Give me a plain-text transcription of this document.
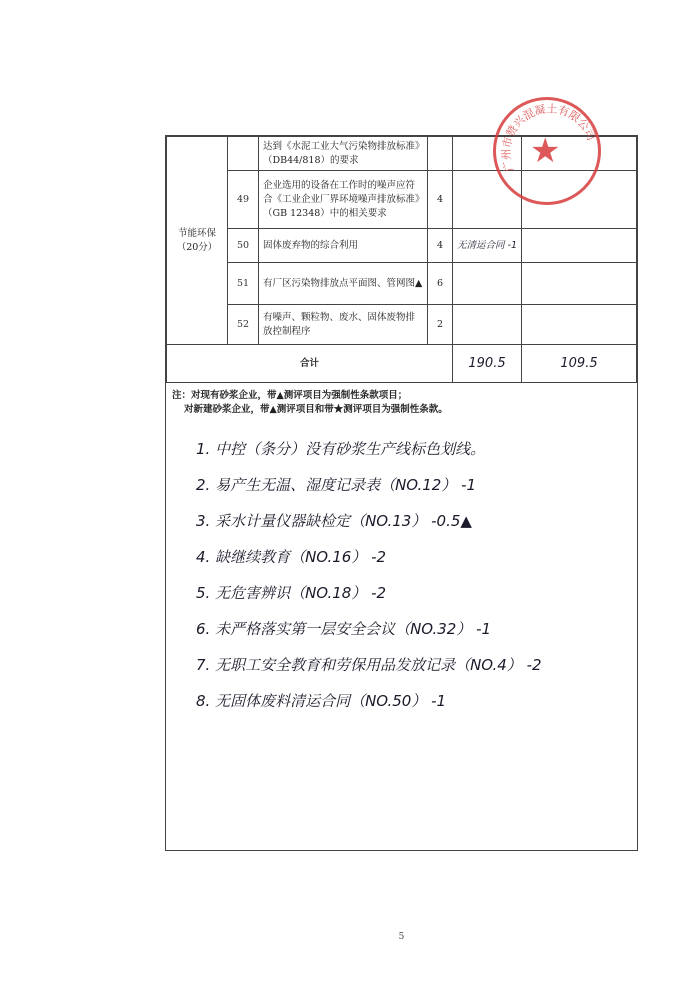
节能环保（20分）		达到《水泥工业大气污染物排放标准》（DB44/818）的要求			
	49	企业选用的设备在工作时的噪声应符合《工业企业厂界环境噪声排放标准》（GB 12348）中的相关要求	4		
	50	固体废弃物的综合利用	4	无清运合同 -1	
	51	有厂区污染物排放点平面图、管网图▲	6		
	52	有噪声、颗粒物、废水、固体废物排放控制程序	2		
合计				190.5	109.5
注：对现有砂浆企业，带▲测评项目为强制性条款项目；
对新建砂浆企业，带▲测评项目和带★测评项目为强制性条款。
1. 中控（条分）没有砂浆生产线标色划线。
2. 易产生无温、湿度记录表（NO.12） -1
3. 采水计量仪器缺检定（NO.13） -0.5▲
4. 缺继续教育（NO.16） -2
5. 无危害辨识（NO.18） -2
6. 未严格落实第一层安全会议（NO.32） -1
7. 无职工安全教育和劳保用品发放记录（NO.4） -2
8. 无固体废料清运合同（NO.50） -1
5
广州市赞兴混凝土有限公司
★
